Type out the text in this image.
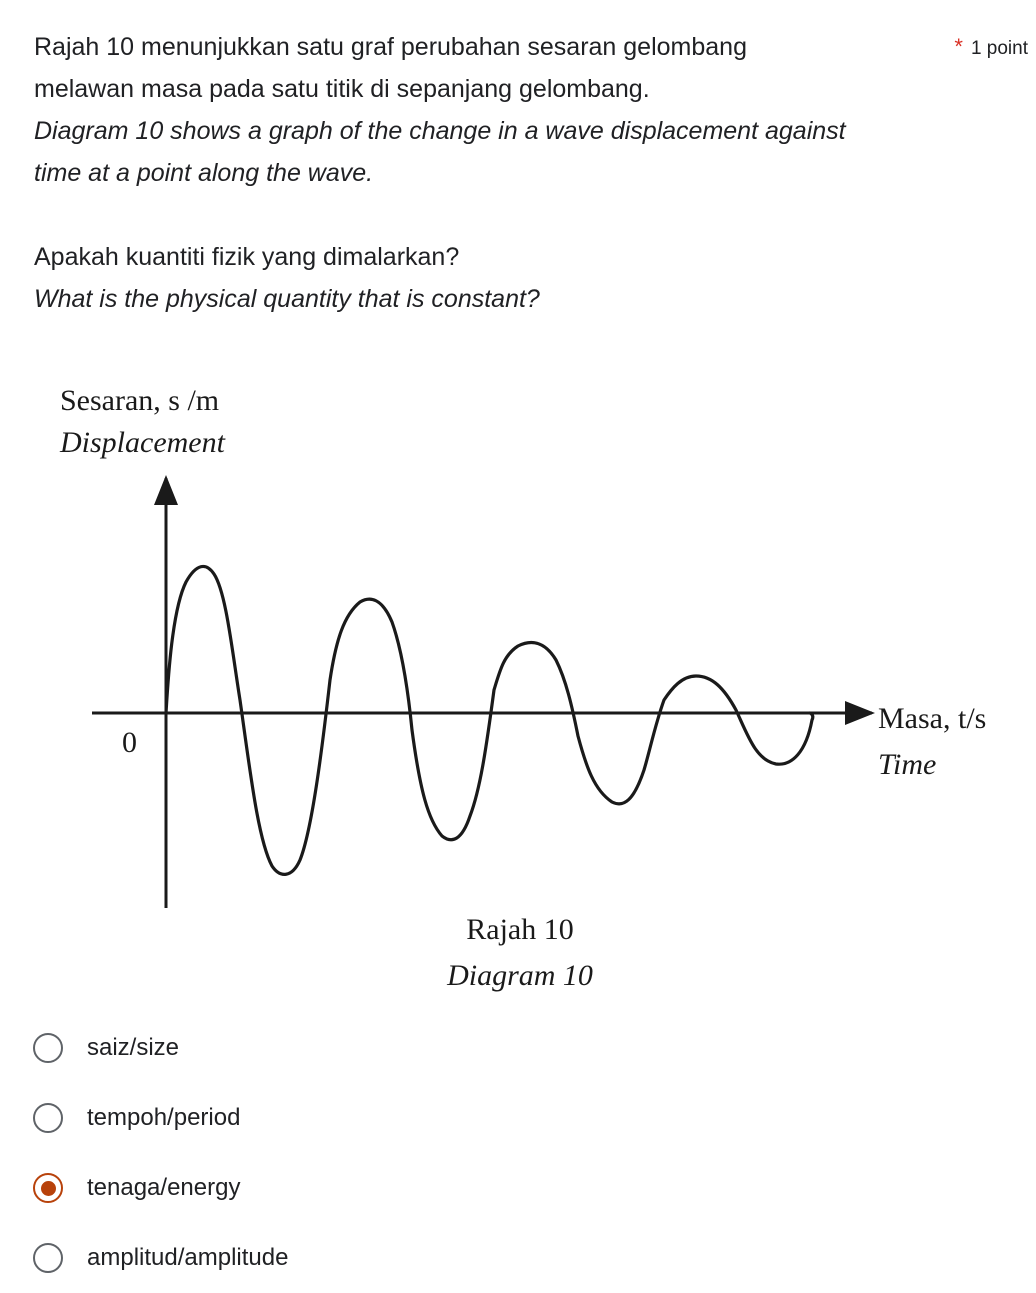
Rajah 10 menunjukkan satu graf perubahan sesaran gelombang
melawan masa pada satu titik di sepanjang gelombang.
Diagram 10 shows a graph of the change in a wave displacement against
time at a point along the wave.
Apakah kuantiti fizik yang dimalarkan?
What is the physical quantity that is constant?
* 1 point
Sesaran, s /m
Displacement
0
Masa, t/s
Time
Rajah 10
Diagram 10
saiz/size
tempoh/period
tenaga/energy
amplitud/amplitude
